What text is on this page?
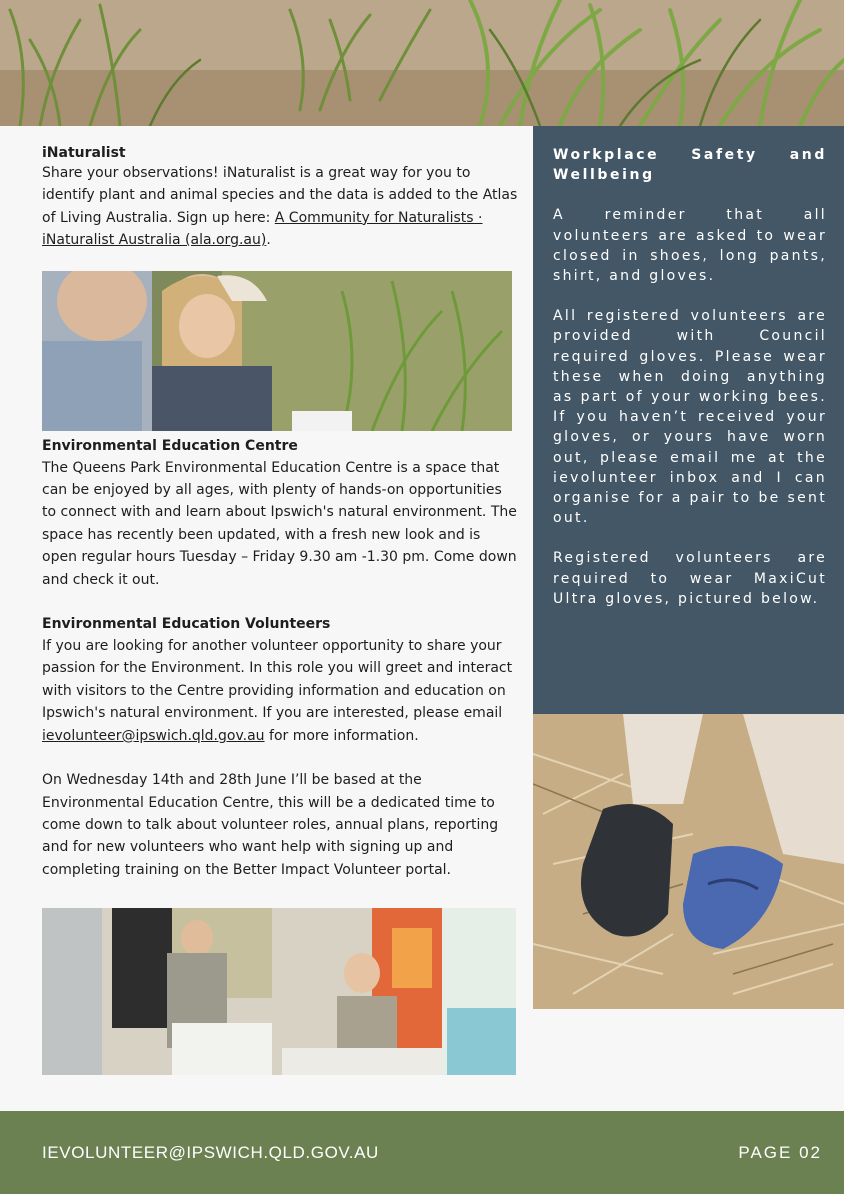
iNaturalist

Share your observations! iNaturalist is a great way for you to identify plant and animal species and the data is added to the Atlas of Living Australia. Sign up here: A Community for Naturalists · iNaturalist Australia (ala.org.au).

Environmental Education Centre

The Queens Park Environmental Education Centre is a space that can be enjoyed by all ages, with plenty of hands-on opportunities to connect with and learn about Ipswich's natural environment. The space has recently been updated, with a fresh new look and is open regular hours Tuesday – Friday 9.30 am -1.30 pm. Come down and check it out.

Environmental Education Volunteers

If you are looking for another volunteer opportunity to share your passion for the Environment. In this role you will greet and interact with visitors to the Centre providing information and education on Ipswich's natural environment. If you are interested, please email ievolunteer@ipswich.qld.gov.au for more information.

On Wednesday 14th and 28th June I’ll be based at the Environmental Education Centre, this will be a dedicated time to come down to talk about volunteer roles, annual plans, reporting and for new volunteers who want help with signing up and completing training on the Better Impact Volunteer portal.

Workplace Safety and Wellbeing

A reminder that all volunteers are asked to wear closed in shoes, long pants, shirt, and gloves.

All registered volunteers are provided with Council required gloves. Please wear these when doing anything as part of your working bees. If you haven’t received your gloves, or yours have worn out, please email me at the ievolunteer inbox and I can organise for a pair to be sent out.

Registered volunteers are required to wear MaxiCut Ultra gloves, pictured below.

IEVOLUNTEER@IPSWICH.QLD.GOV.AU	PAGE 02
